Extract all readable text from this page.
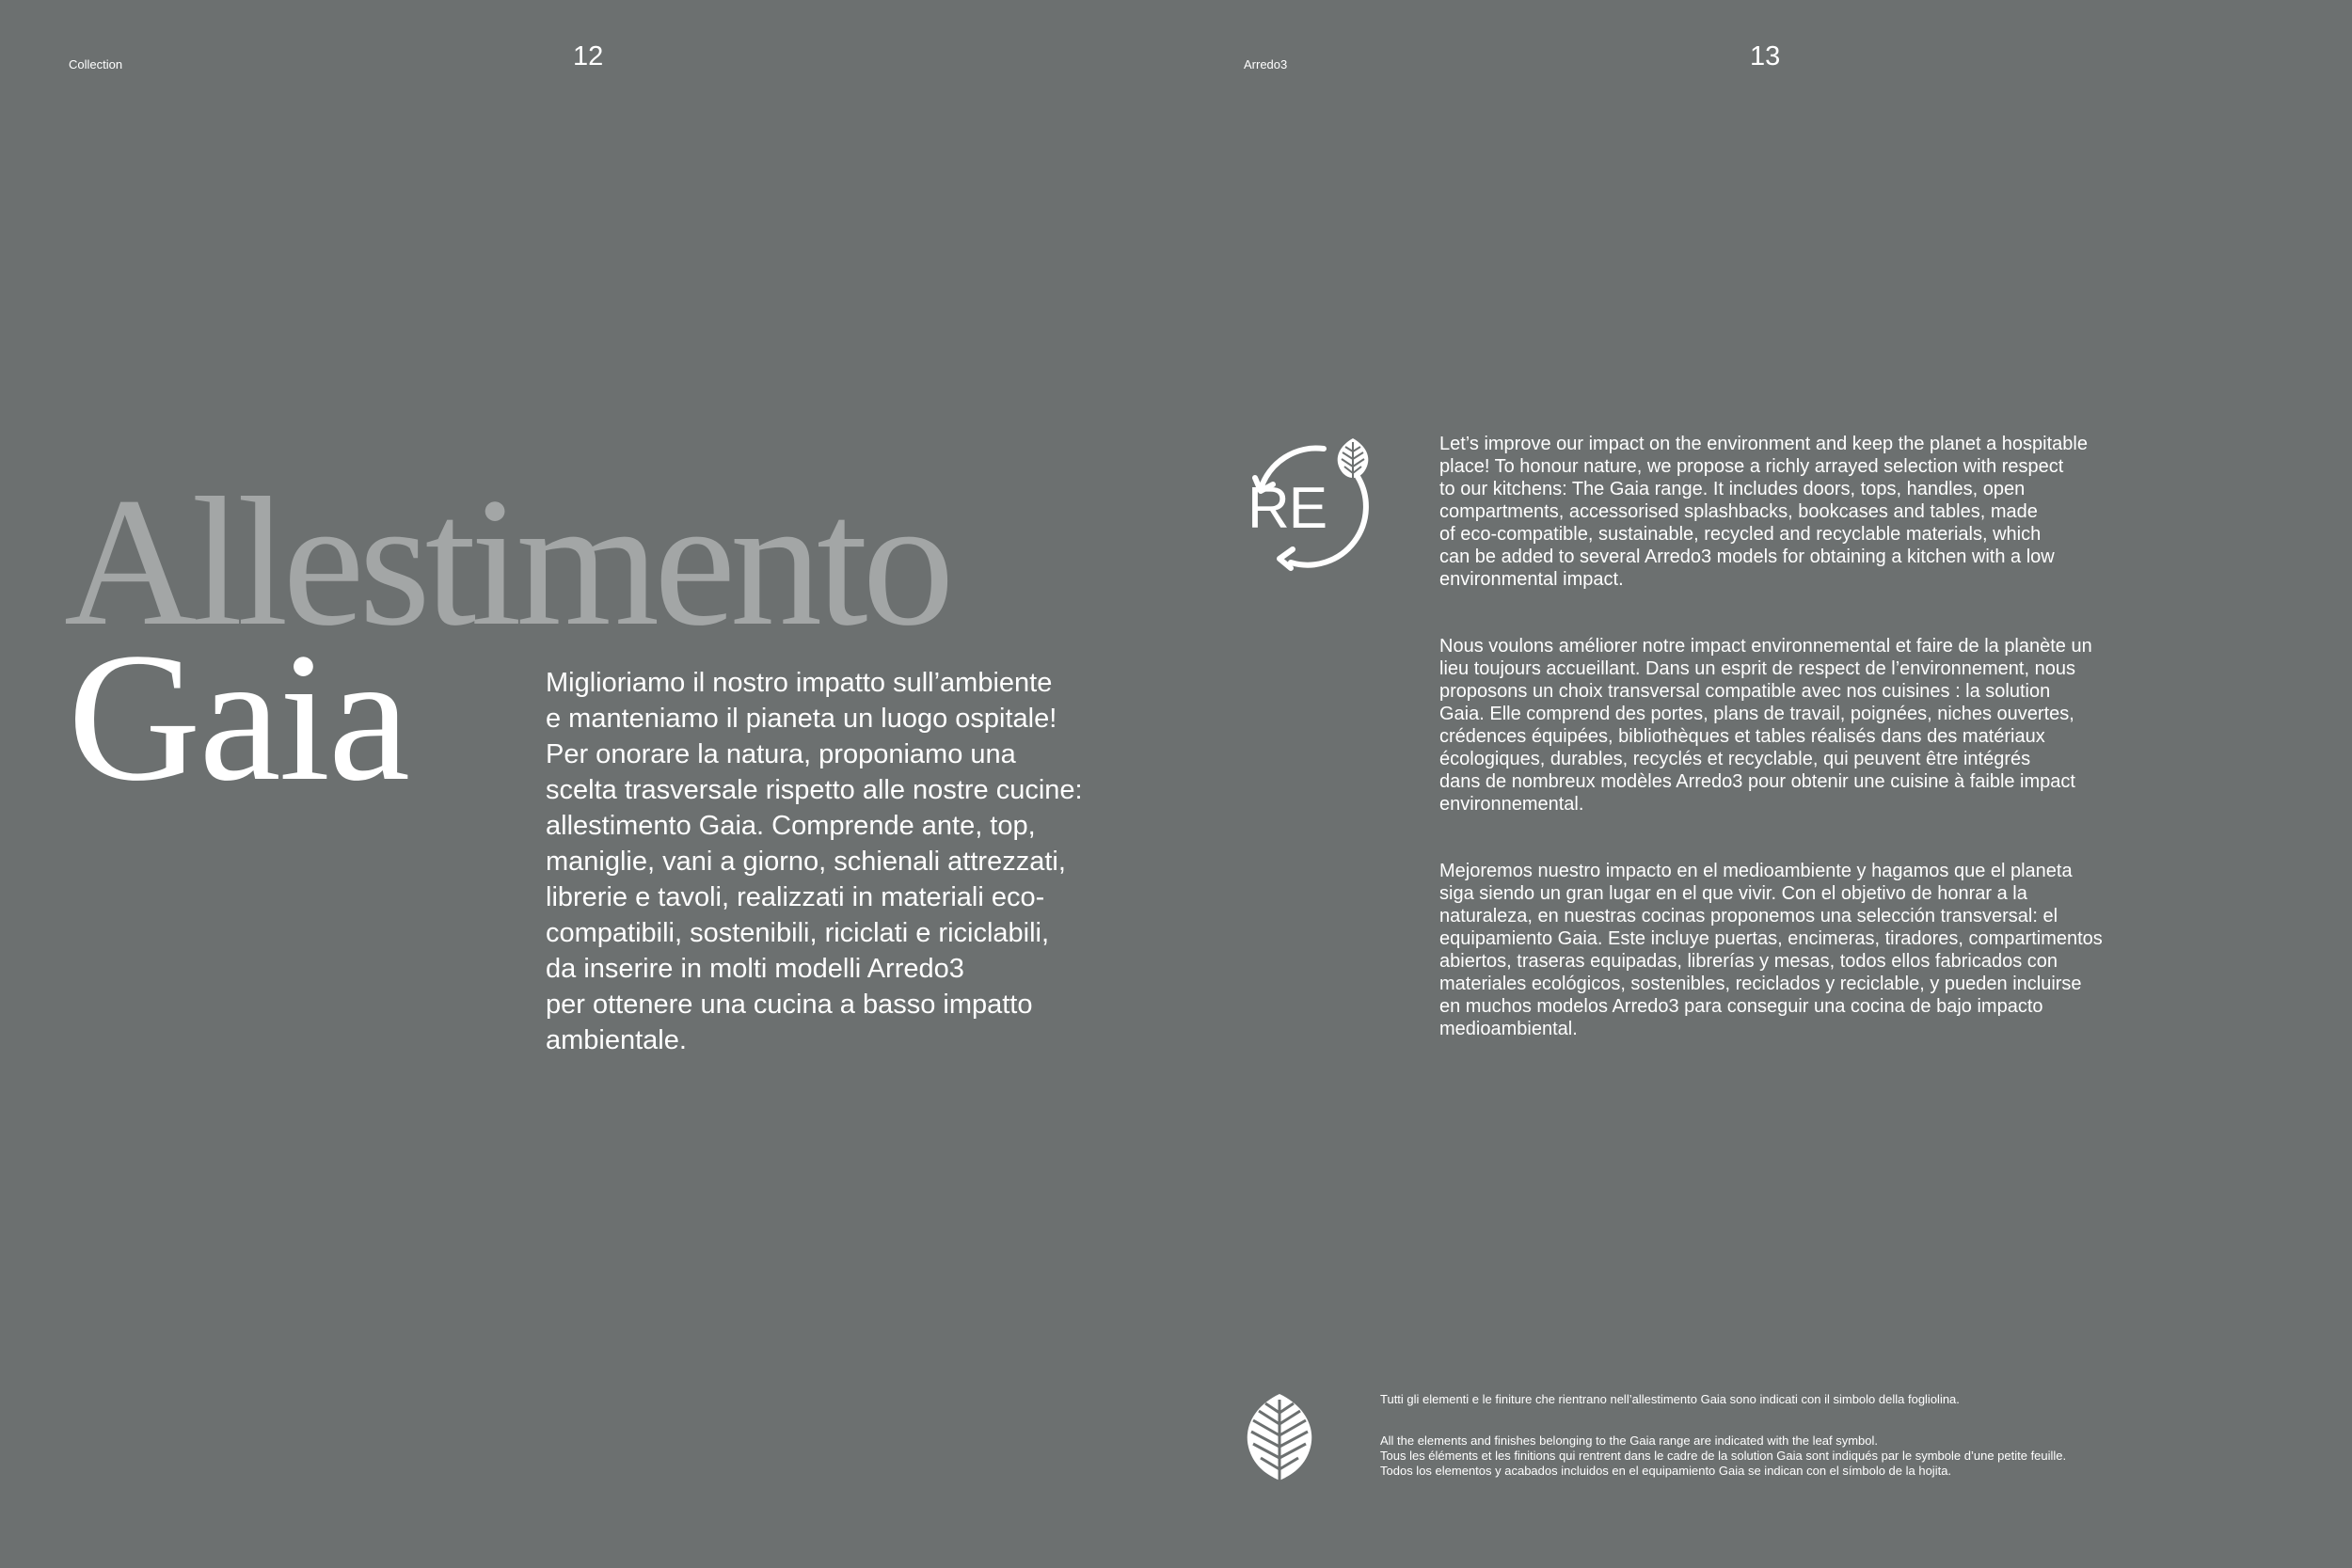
Collection	12
Allestimento
Gaia	Miglioriamo il nostro impatto sull’ambiente
e manteniamo il pianeta un luogo ospitale!
Per onorare la natura, proponiamo una
scelta trasversale rispetto alle nostre cucine:
allestimento Gaia. Comprende ante, top,
maniglie, vani a giorno, schienali attrezzati,
librerie e tavoli, realizzati in materiali eco-
compatibili, sostenibili, riciclati e riciclabili,
da inserire in molti modelli Arredo3
per ottenere una cucina a basso impatto
ambientale.
Arredo3	13
RE
Let’s improve our impact on the environment and keep the planet a hospitable
place! To honour nature, we propose a richly arrayed selection with respect
to our kitchens: The Gaia range. It includes doors, tops, handles, open
compartments, accessorised splashbacks, bookcases and tables, made
of eco-compatible, sustainable, recycled and recyclable materials, which
can be added to several Arredo3 models for obtaining a kitchen with a low
environmental impact.
Nous voulons améliorer notre impact environnemental et faire de la planète un
lieu toujours accueillant. Dans un esprit de respect de l’environnement, nous
proposons un choix transversal compatible avec nos cuisines : la solution
Gaia. Elle comprend des portes, plans de travail, poignées, niches ouvertes,
crédences équipées, bibliothèques et tables réalisés dans des matériaux
écologiques, durables, recyclés et recyclable, qui peuvent être intégrés
dans de nombreux modèles Arredo3 pour obtenir une cuisine à faible impact
environnemental.
Mejoremos nuestro impacto en el medioambiente y hagamos que el planeta
siga siendo un gran lugar en el que vivir. Con el objetivo de honrar a la
naturaleza, en nuestras cocinas proponemos una selección transversal: el
equipamiento Gaia. Este incluye puertas, encimeras, tiradores, compartimentos
abiertos, traseras equipadas, librerías y mesas, todos ellos fabricados con
materiales ecológicos, sostenibles, reciclados y reciclable, y pueden incluirse
en muchos modelos Arredo3 para conseguir una cocina de bajo impacto
medioambiental.
Tutti gli elementi e le finiture che rientrano nell’allestimento Gaia sono indicati con il simbolo della fogliolina.
All the elements and finishes belonging to the Gaia range are indicated with the leaf symbol.
Tous les éléments et les finitions qui rentrent dans le cadre de la solution Gaia sont indiqués par le symbole d’une petite feuille.
Todos los elementos y acabados incluidos en el equipamiento Gaia se indican con el símbolo de la hojita.
